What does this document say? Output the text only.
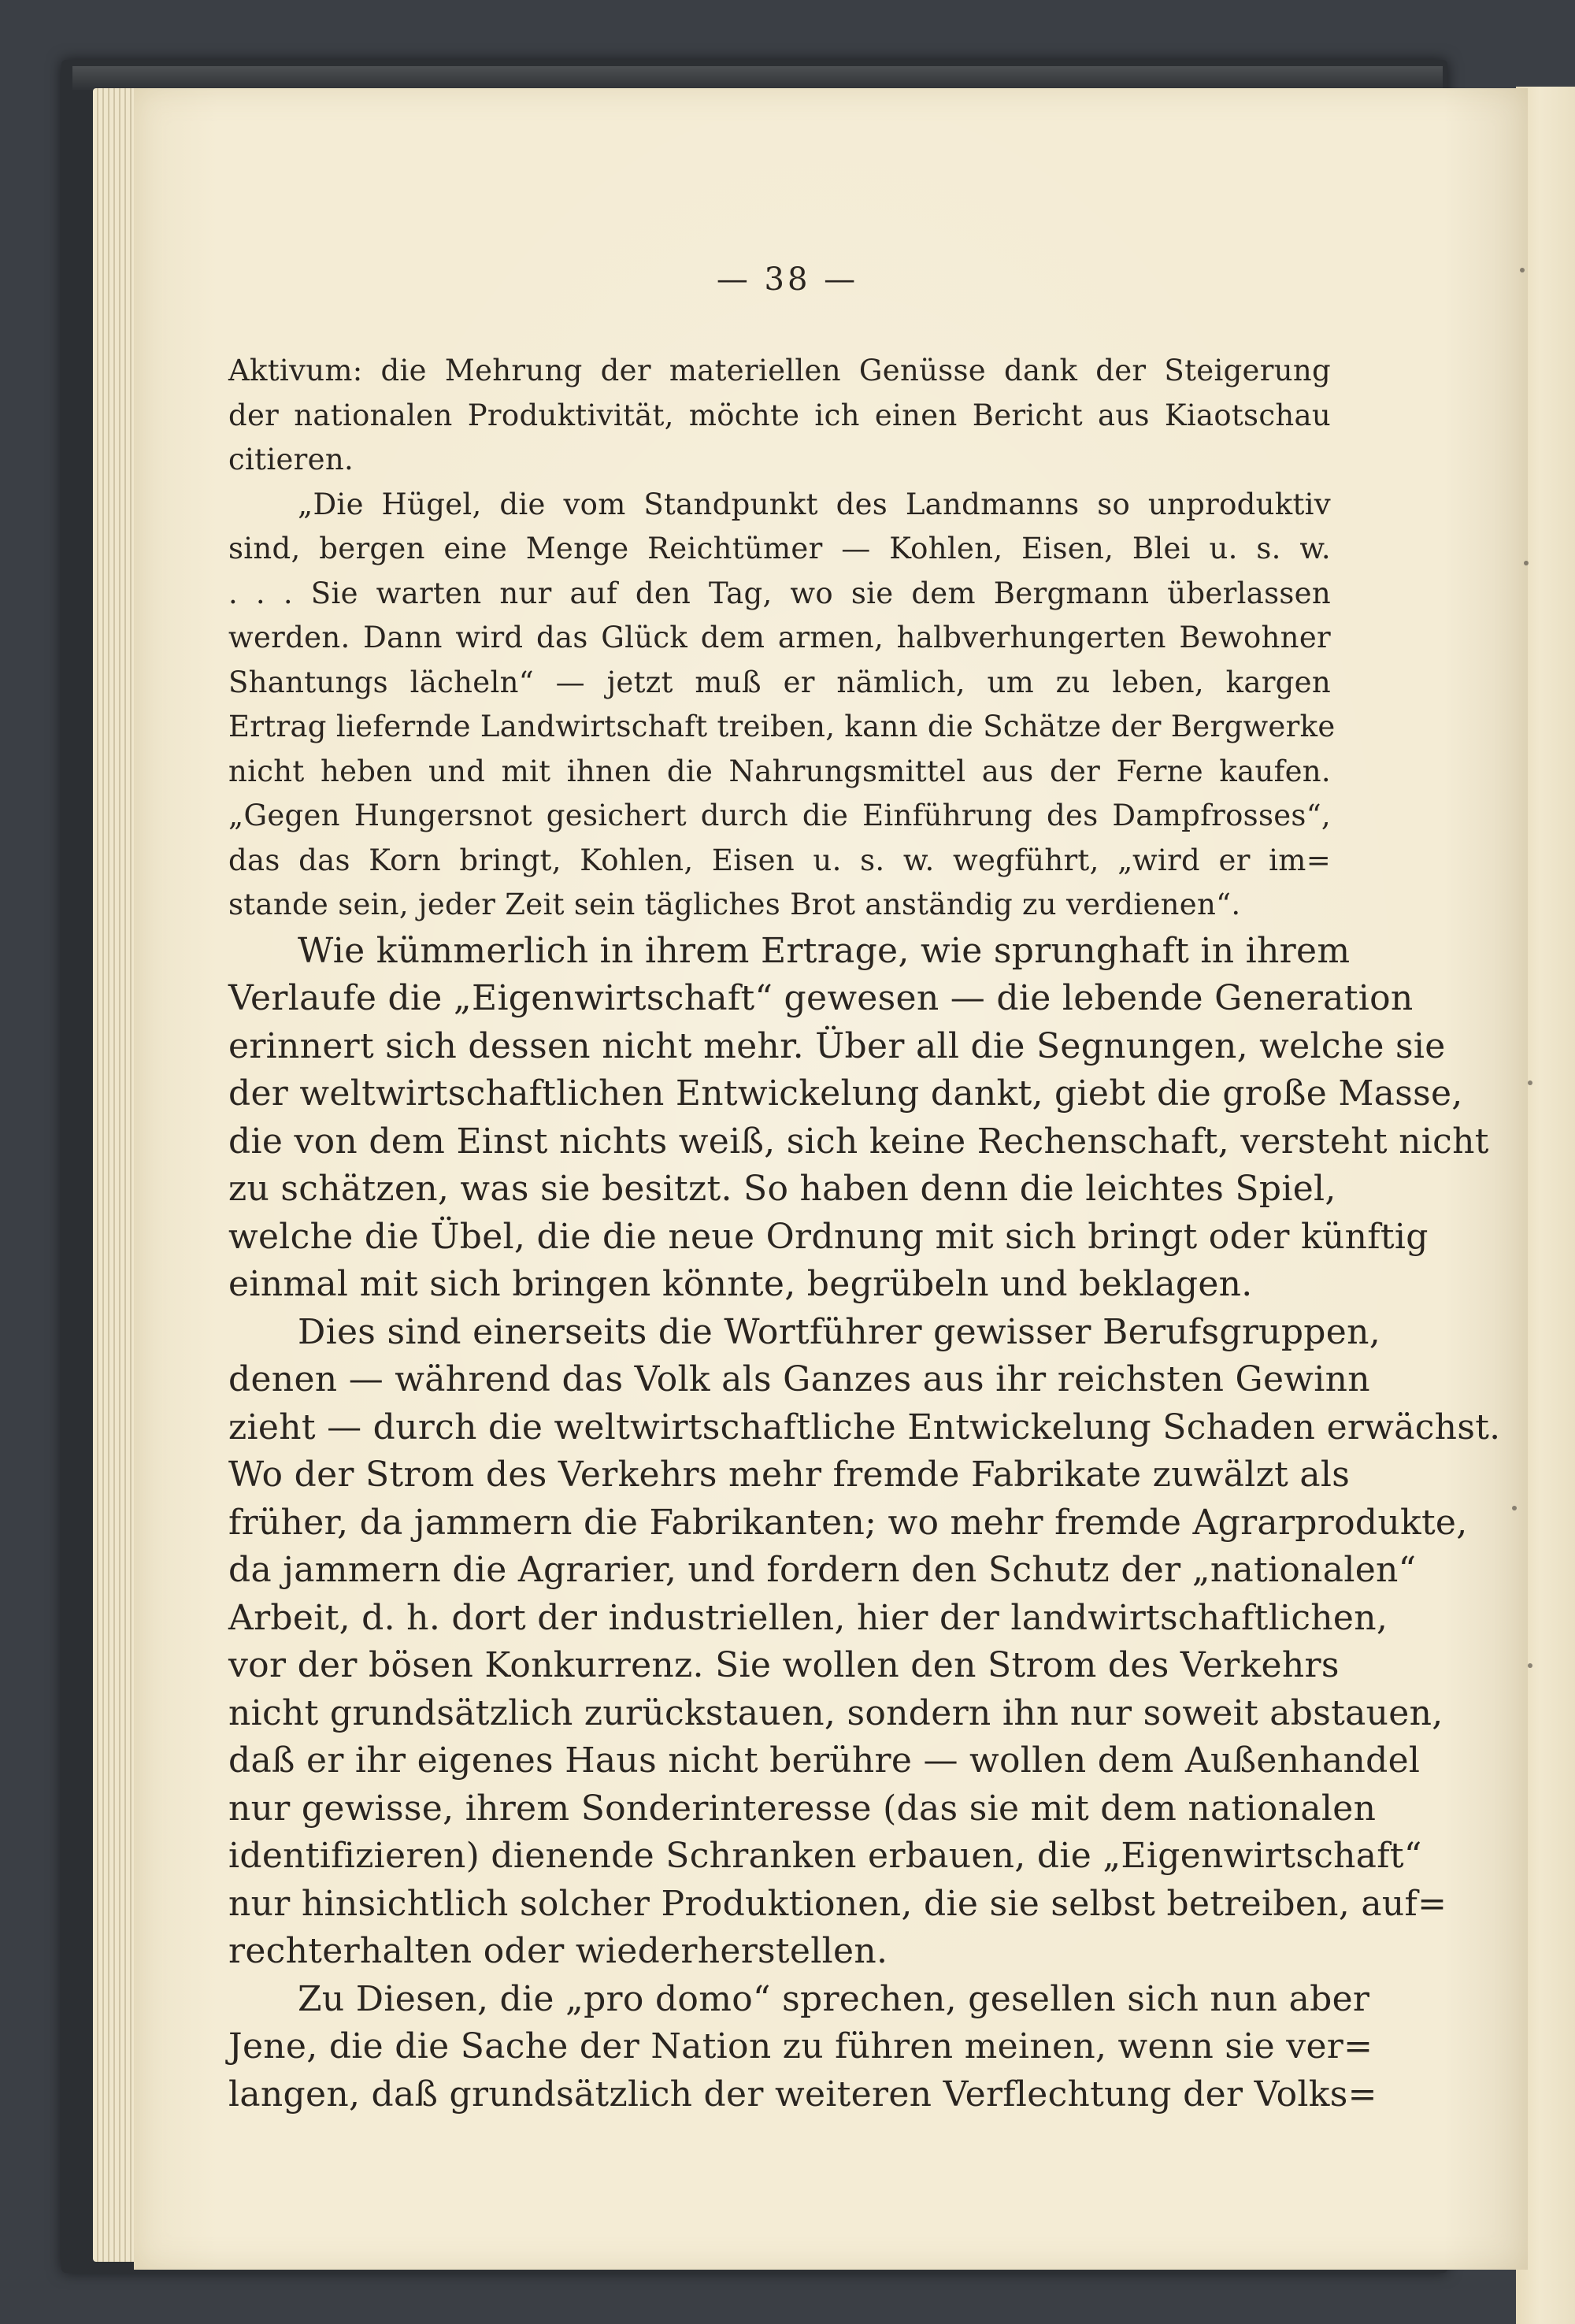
— 38 —
Aktivum: die Mehrung der materiellen Genüsse dank der Steigerung
der nationalen Produktivität, möchte ich einen Bericht aus Kiaotschau
citieren.
„Die Hügel, die vom Standpunkt des Landmanns so unproduktiv
sind, bergen eine Menge Reichtümer — Kohlen, Eisen, Blei u. s. w.
. . . Sie warten nur auf den Tag, wo sie dem Bergmann überlassen
werden. Dann wird das Glück dem armen, halbverhungerten Bewohner
Shantungs lächeln“ — jetzt muß er nämlich, um zu leben, kargen
Ertrag liefernde Landwirtschaft treiben, kann die Schätze der Bergwerke
nicht heben und mit ihnen die Nahrungsmittel aus der Ferne kaufen.
„Gegen Hungersnot gesichert durch die Einführung des Dampfrosses“,
das das Korn bringt, Kohlen, Eisen u. s. w. wegführt, „wird er im=
stande sein, jeder Zeit sein tägliches Brot anständig zu verdienen“.
Wie kümmerlich in ihrem Ertrage, wie sprunghaft in ihrem
Verlaufe die „Eigenwirtschaft“ gewesen — die lebende Generation
erinnert sich dessen nicht mehr. Über all die Segnungen, welche sie
der weltwirtschaftlichen Entwickelung dankt, giebt die große Masse,
die von dem Einst nichts weiß, sich keine Rechenschaft, versteht nicht
zu schätzen, was sie besitzt. So haben denn die leichtes Spiel,
welche die Übel, die die neue Ordnung mit sich bringt oder künftig
einmal mit sich bringen könnte, begrübeln und beklagen.
Dies sind einerseits die Wortführer gewisser Berufsgruppen,
denen — während das Volk als Ganzes aus ihr reichsten Gewinn
zieht — durch die weltwirtschaftliche Entwickelung Schaden erwächst.
Wo der Strom des Verkehrs mehr fremde Fabrikate zuwälzt als
früher, da jammern die Fabrikanten; wo mehr fremde Agrarprodukte,
da jammern die Agrarier, und fordern den Schutz der „nationalen“
Arbeit, d. h. dort der industriellen, hier der landwirtschaftlichen,
vor der bösen Konkurrenz. Sie wollen den Strom des Verkehrs
nicht grundsätzlich zurückstauen, sondern ihn nur soweit abstauen,
daß er ihr eigenes Haus nicht berühre — wollen dem Außenhandel
nur gewisse, ihrem Sonderinteresse (das sie mit dem nationalen
identifizieren) dienende Schranken erbauen, die „Eigenwirtschaft“
nur hinsichtlich solcher Produktionen, die sie selbst betreiben, auf=
rechterhalten oder wiederherstellen.
Zu Diesen, die „pro domo“ sprechen, gesellen sich nun aber
Jene, die die Sache der Nation zu führen meinen, wenn sie ver=
langen, daß grundsätzlich der weiteren Verflechtung der Volks=
